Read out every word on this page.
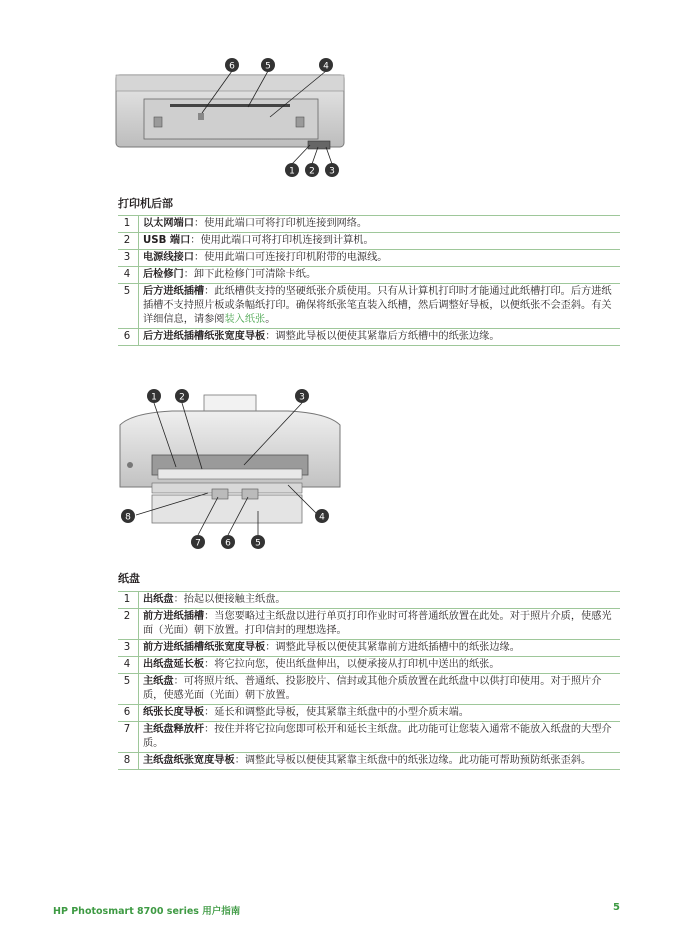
6	5	4
1 2 3
打印机后部
1	以太网端口：使用此端口可将打印机连接到网络。
2	USB 端口：使用此端口可将打印机连接到计算机。
3	电源线接口：使用此端口可连接打印机附带的电源线。
4	后检修门：卸下此检修门可清除卡纸。
5	后方进纸插槽：此纸槽供支持的坚硬纸张介质使用。只有从计算机打印时才能通过此纸槽打印。后方进纸插槽不支持照片板或条幅纸打印。确保将纸张笔直装入纸槽，然后调整好导板，以便纸张不会歪斜。有关详细信息，请参阅装入纸张。
6	后方进纸插槽纸张宽度导板：调整此导板以便使其紧靠后方纸槽中的纸张边缘。
1 2	3
8	4
7	6	5
纸盘
1	出纸盘：抬起以便接触主纸盘。
2	前方进纸插槽：当您要略过主纸盘以进行单页打印作业时可将普通纸放置在此处。对于照片介质，使感光面（光面）朝下放置。打印信封的理想选择。
3	前方进纸插槽纸张宽度导板：调整此导板以便使其紧靠前方进纸插槽中的纸张边缘。
4	出纸盘延长板：将它拉向您，使出纸盘伸出，以便承接从打印机中送出的纸张。
5	主纸盘：可将照片纸、普通纸、投影胶片、信封或其他介质放置在此纸盘中以供打印使用。对于照片介质，使感光面（光面）朝下放置。
6	纸张长度导板：延长和调整此导板，使其紧靠主纸盘中的小型介质末端。
7	主纸盘释放杆：按住并将它拉向您即可松开和延长主纸盘。此功能可让您装入通常不能放入纸盘的大型介质。
8	主纸盘纸张宽度导板：调整此导板以便使其紧靠主纸盘中的纸张边缘。此功能可帮助预防纸张歪斜。
HP Photosmart 8700 series 用户指南	5
